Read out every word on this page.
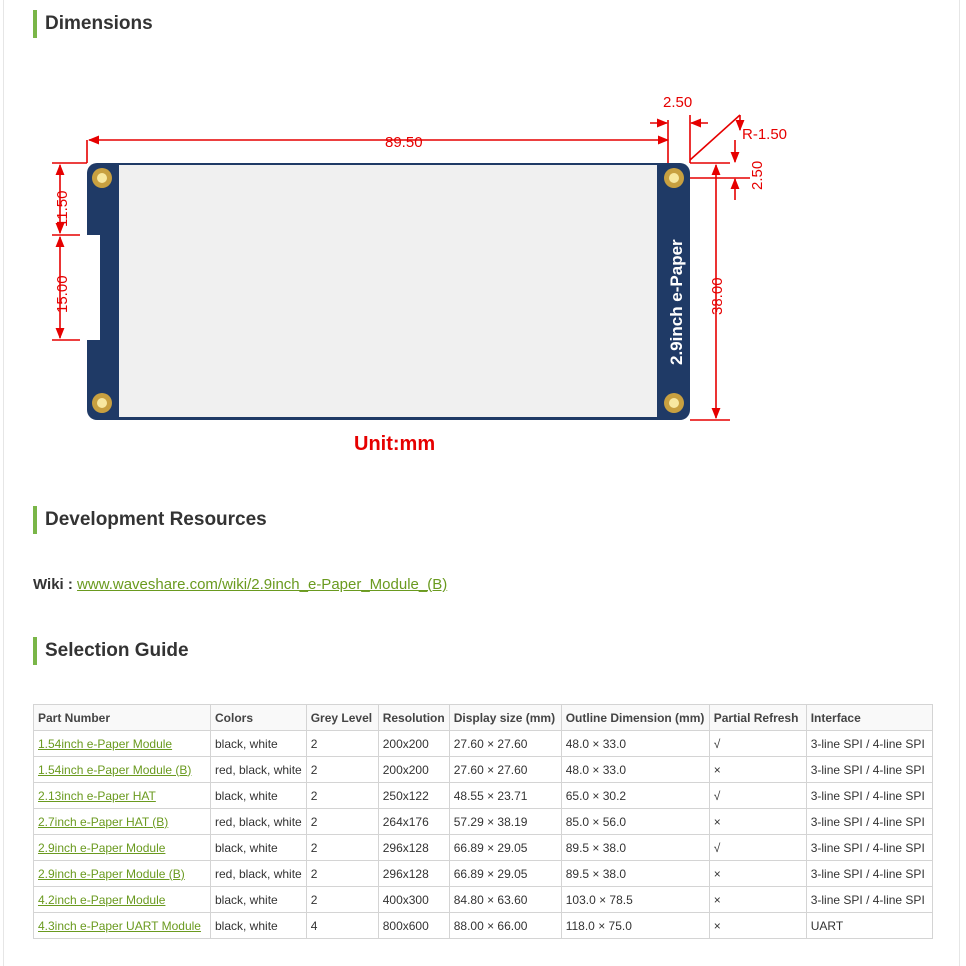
Dimensions
2.9inch e-Paper
89.50
2.50
R-1.50
2.50
11.50
15.00	38.00
Unit:mm
Development Resources
Wiki : www.waveshare.com/wiki/2.9inch_e-Paper_Module_(B)
Selection Guide
Part Number	Colors	Grey Level	Resolution	Display size (mm)	Outline Dimension (mm)	Partial Refresh	Interface
1.54inch e-Paper Module	black, white	2	200x200	27.60 × 27.60	48.0 × 33.0	√	3-line SPI / 4-line SPI
1.54inch e-Paper Module (B)	red, black, white	2	200x200	27.60 × 27.60	48.0 × 33.0	×	3-line SPI / 4-line SPI
2.13inch e-Paper HAT	black, white	2	250x122	48.55 × 23.71	65.0 × 30.2	√	3-line SPI / 4-line SPI
2.7inch e-Paper HAT (B)	red, black, white	2	264x176	57.29 × 38.19	85.0 × 56.0	×	3-line SPI / 4-line SPI
2.9inch e-Paper Module	black, white	2	296x128	66.89 × 29.05	89.5 × 38.0	√	3-line SPI / 4-line SPI
2.9inch e-Paper Module (B)	red, black, white	2	296x128	66.89 × 29.05	89.5 × 38.0	×	3-line SPI / 4-line SPI
4.2inch e-Paper Module	black, white	2	400x300	84.80 × 63.60	103.0 × 78.5	×	3-line SPI / 4-line SPI
4.3inch e-Paper UART Module	black, white	4	800x600	88.00 × 66.00	118.0 × 75.0	×	UART
